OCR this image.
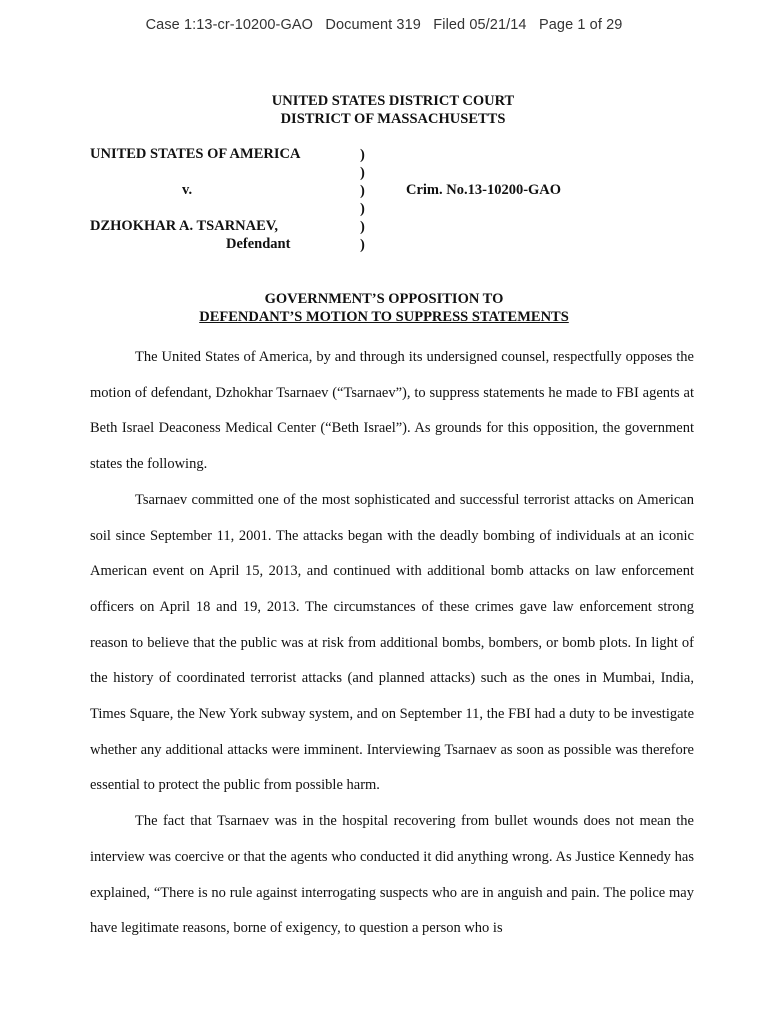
Case 1:13-cr-10200-GAO   Document 319   Filed 05/21/14   Page 1 of 29
UNITED STATES DISTRICT COURT
DISTRICT OF MASSACHUSETTS
UNITED STATES OF AMERICA
v.
DZHOKHAR A. TSARNAEV,
Defendant
Crim. No.13-10200-GAO
)
)
)
)
)
)
GOVERNMENT’S OPPOSITION TO
DEFENDANT’S MOTION TO SUPPRESS STATEMENTS

The United States of America, by and through its undersigned counsel, respectfully opposes the motion of defendant, Dzhokhar Tsarnaev (“Tsarnaev”), to suppress statements he made to FBI agents at Beth Israel Deaconess Medical Center (“Beth Israel”). As grounds for this opposition, the government states the following.

Tsarnaev committed one of the most sophisticated and successful terrorist attacks on American soil since September 11, 2001. The attacks began with the deadly bombing of individuals at an iconic American event on April 15, 2013, and continued with additional bomb attacks on law enforcement officers on April 18 and 19, 2013. The circumstances of these crimes gave law enforcement strong reason to believe that the public was at risk from additional bombs, bombers, or bomb plots. In light of the history of coordinated terrorist attacks (and planned attacks) such as the ones in Mumbai, India, Times Square, the New York subway system, and on September 11, the FBI had a duty to be investigate whether any additional attacks were imminent. Interviewing Tsarnaev as soon as possible was therefore essential to protect the public from possible harm.

The fact that Tsarnaev was in the hospital recovering from bullet wounds does not mean the interview was coercive or that the agents who conducted it did anything wrong. As Justice Kennedy has explained, “There is no rule against interrogating suspects who are in anguish and pain. The police may have legitimate reasons, borne of exigency, to question a person who is
